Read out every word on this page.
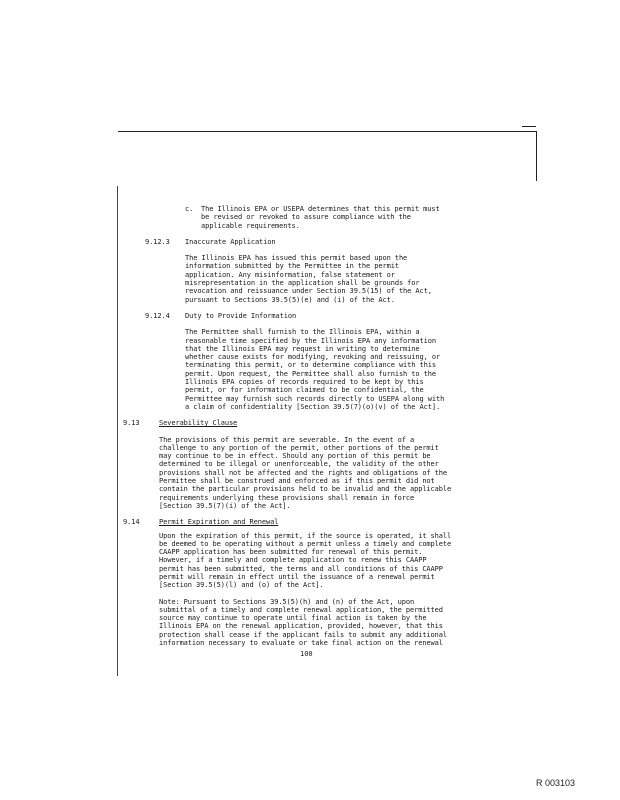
c. The Illinois EPA or USEPA determines that this permit must
be revised or revoked to assure compliance with the
applicable requirements.
9.12.3 Inaccurate Application
The Illinois EPA has issued this permit based upon the
information submitted by the Permittee in the permit
application. Any misinformation, false statement or
misrepresentation in the application shall be grounds for
revocation and reissuance under Section 39.5(15) of the Act,
pursuant to Sections 39.5(5)(e) and (i) of the Act.
9.12.4 Duty to Provide Information
The Permittee shall furnish to the Illinois EPA, within a
reasonable time specified by the Illinois EPA any information
that the Illinois EPA may request in writing to determine
whether cause exists for modifying, revoking and reissuing, or
terminating this permit, or to determine compliance with this
permit. Upon request, the Permittee shall also furnish to the
Illinois EPA copies of records required to be kept by this
permit, or for information claimed to be confidential, the
Permittee may furnish such records directly to USEPA along with
a claim of confidentiality [Section 39.5(7)(o)(v) of the Act].
9.13	Severability Clause
The provisions of this permit are severable. In the event of a
challenge to any portion of the permit, other portions of the permit
may continue to be in effect. Should any portion of this permit be
determined to be illegal or unenforceable, the validity of the other
provisions shall not be affected and the rights and obligations of the
Permittee shall be construed and enforced as if this permit did not
contain the particular provisions held to be invalid and the applicable
requirements underlying these provisions shall remain in force
[Section 39.5(7)(i) of the Act].
9.14	Permit Expiration and Renewal
Upon the expiration of this permit, if the source is operated, it shall
be deemed to be operating without a permit unless a timely and complete
CAAPP application has been submitted for renewal of this permit.
However, if a timely and complete application to renew this CAAPP
permit has been submitted, the terms and all conditions of this CAAPP
permit will remain in effect until the issuance of a renewal permit
[Section 39.5(5)(l) and (o) of the Act].
Note: Pursuant to Sections 39.5(5)(h) and (n) of the Act, upon
submittal of a timely and complete renewal application, the permitted
source may continue to operate until final action is taken by the
Illinois EPA on the renewal application, provided, however, that this
protection shall cease if the applicant fails to submit any additional
information necessary to evaluate or take final action on the renewal
100
R 003103
